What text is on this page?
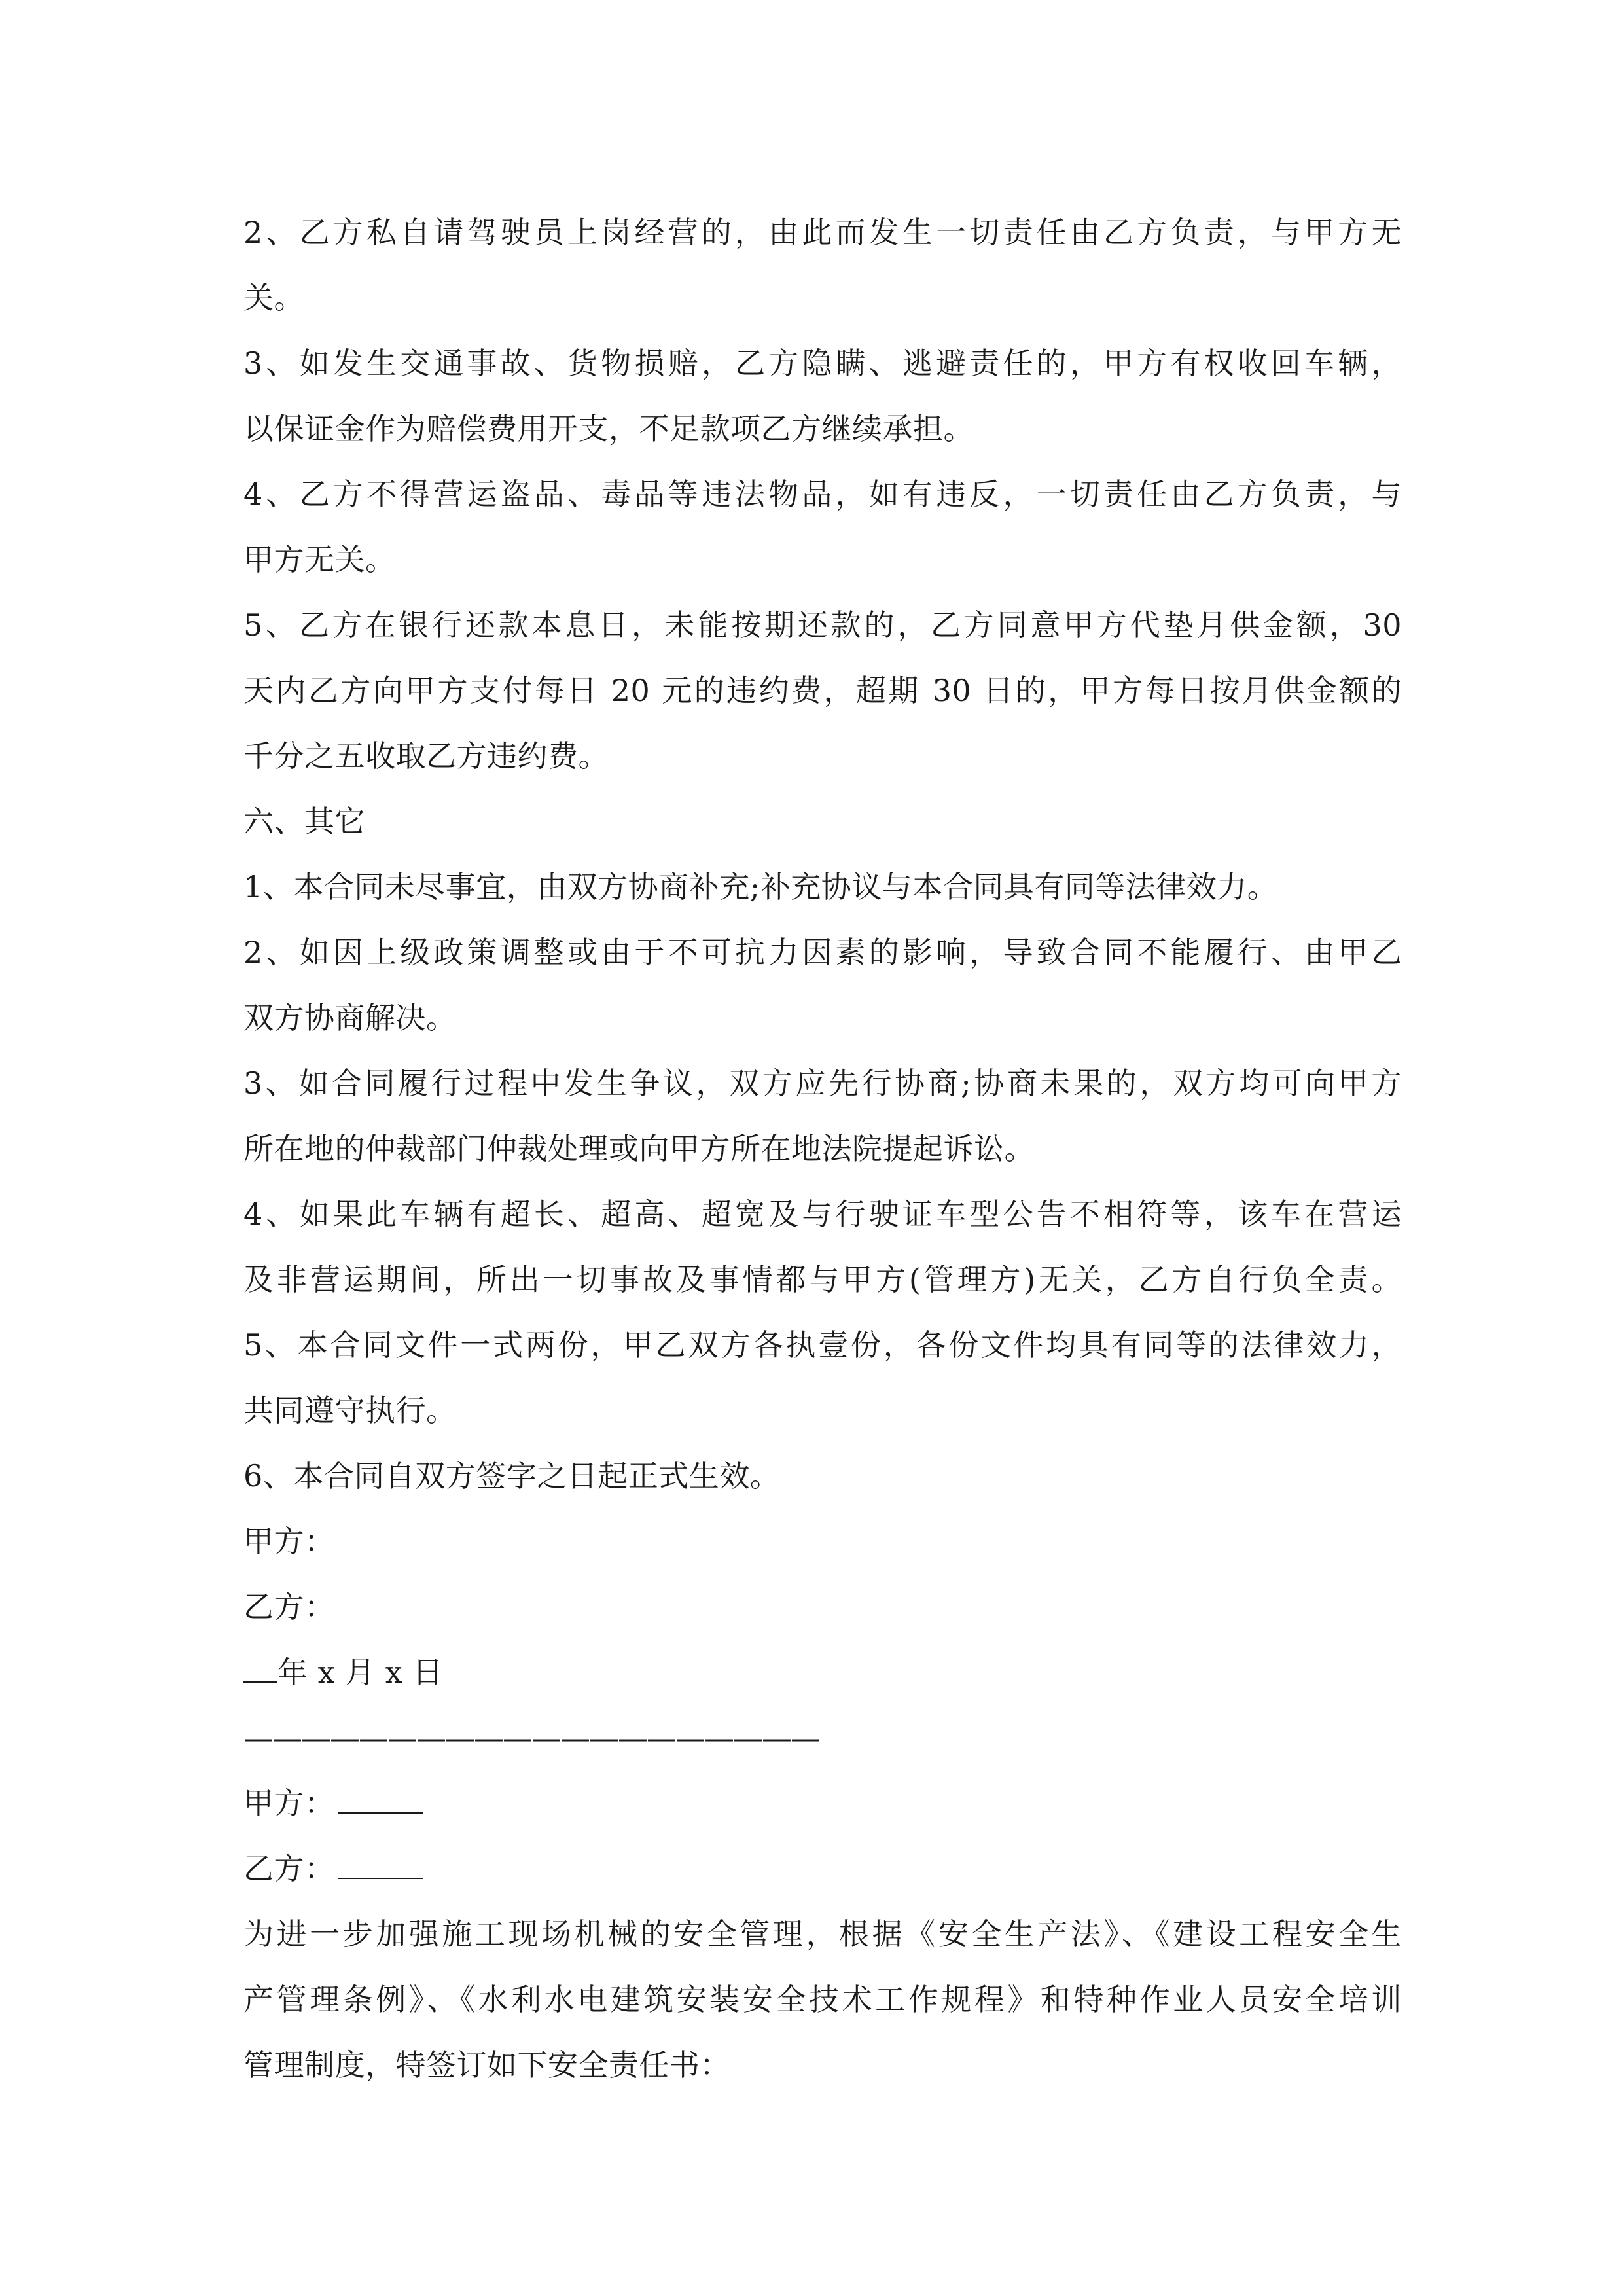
2、乙方私自请驾驶员上岗经营的，由此而发生一切责任由乙方负责，与甲方无
关。
3、如发生交通事故、货物损赔，乙方隐瞒、逃避责任的，甲方有权收回车辆，
以保证金作为赔偿费用开支，不足款项乙方继续承担。
4、乙方不得营运盗品、毒品等违法物品，如有违反，一切责任由乙方负责，与
甲方无关。
5、乙方在银行还款本息日，未能按期还款的，乙方同意甲方代垫月供金额，30
天内乙方向甲方支付每日 20 元的违约费，超期 30 日的，甲方每日按月供金额的
千分之五收取乙方违约费。
六、其它
1、本合同未尽事宜，由双方协商补充;补充协议与本合同具有同等法律效力。
2、如因上级政策调整或由于不可抗力因素的影响，导致合同不能履行、由甲乙
双方协商解决。
3、如合同履行过程中发生争议，双方应先行协商;协商未果的，双方均可向甲方
所在地的仲裁部门仲裁处理或向甲方所在地法院提起诉讼。
4、如果此车辆有超长、超高、超宽及与行驶证车型公告不相符等，该车在营运
及非营运期间，所出一切事故及事情都与甲方(管理方)无关，乙方自行负全责。
5、本合同文件一式两份，甲乙双方各执壹份，各份文件均具有同等的法律效力，
共同遵守执行。
6、本合同自双方签字之日起正式生效。
甲方：
乙方：
年 x 月 x 日
————————————————————
甲方：
乙方：
为进一步加强施工现场机械的安全管理，根据《安全生产法》、《建设工程安全生
产管理条例》、《水利水电建筑安装安全技术工作规程》和特种作业人员安全培训
管理制度，特签订如下安全责任书：
